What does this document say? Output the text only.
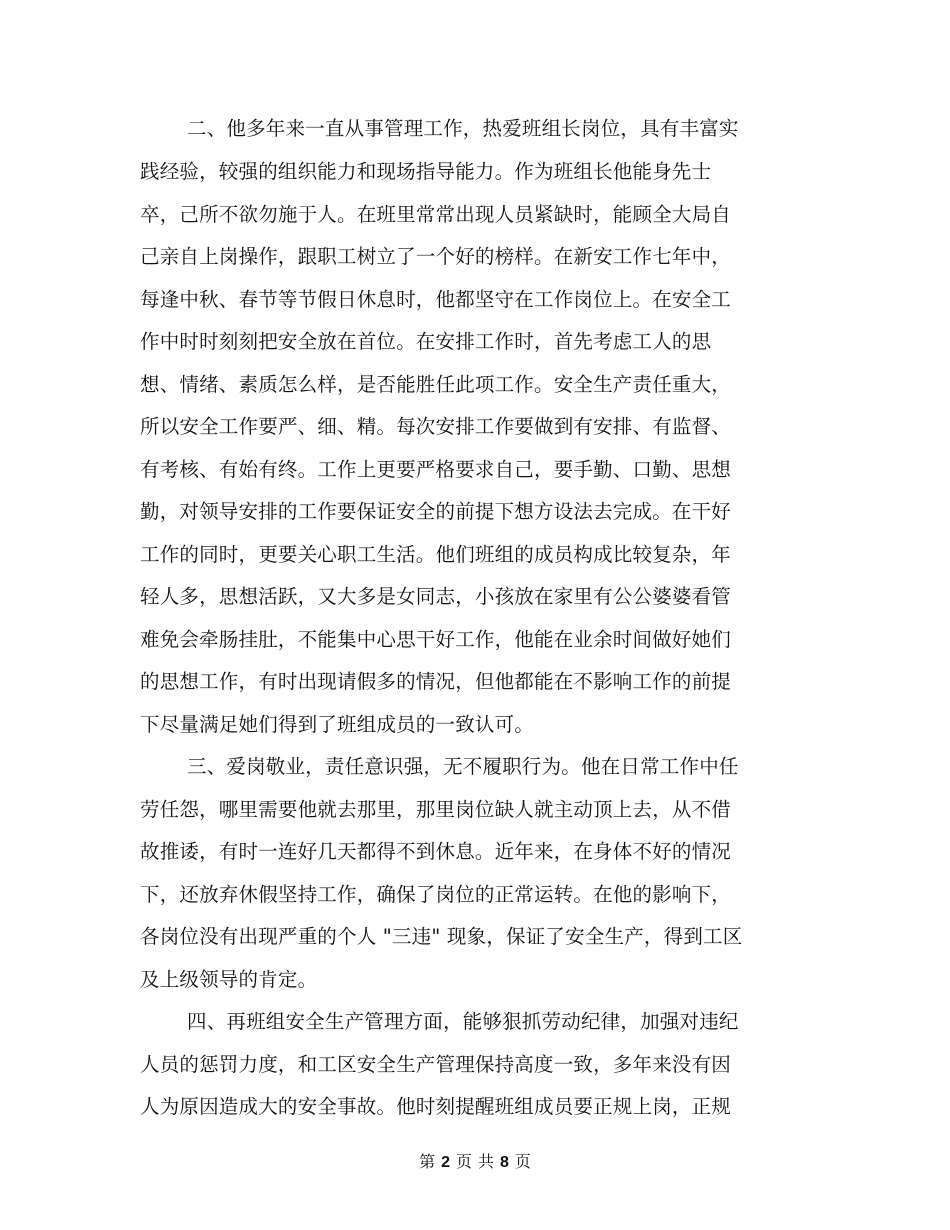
二、他多年来一直从事管理工作，热爱班组长岗位，具有丰富实
践经验，较强的组织能力和现场指导能力。作为班组长他能身先士
卒，己所不欲勿施于人。在班里常常出现人员紧缺时，能顾全大局自
己亲自上岗操作，跟职工树立了一个好的榜样。在新安工作七年中，
每逢中秋、春节等节假日休息时，他都坚守在工作岗位上。在安全工
作中时时刻刻把安全放在首位。在安排工作时，首先考虑工人的思
想、情绪、素质怎么样，是否能胜任此项工作。安全生产责任重大，
所以安全工作要严、细、精。每次安排工作要做到有安排、有监督、
有考核、有始有终。工作上更要严格要求自己，要手勤、口勤、思想
勤，对领导安排的工作要保证安全的前提下想方设法去完成。在干好
工作的同时，更要关心职工生活。他们班组的成员构成比较复杂，年
轻人多，思想活跃，又大多是女同志，小孩放在家里有公公婆婆看管
难免会牵肠挂肚，不能集中心思干好工作，他能在业余时间做好她们
的思想工作，有时出现请假多的情况，但他都能在不影响工作的前提
下尽量满足她们得到了班组成员的一致认可。
三、爱岗敬业，责任意识强，无不履职行为。他在日常工作中任
劳任怨，哪里需要他就去那里，那里岗位缺人就主动顶上去，从不借
故推诿，有时一连好几天都得不到休息。近年来，在身体不好的情况
下，还放弃休假坚持工作，确保了岗位的正常运转。在他的影响下，
各岗位没有出现严重的个人 "三违" 现象，保证了安全生产，得到工区
及上级领导的肯定。
四、再班组安全生产管理方面，能够狠抓劳动纪律，加强对违纪
人员的惩罚力度，和工区安全生产管理保持高度一致，多年来没有因
人为原因造成大的安全事故。他时刻提醒班组成员要正规上岗，正规
第 2 页 共 8 页
